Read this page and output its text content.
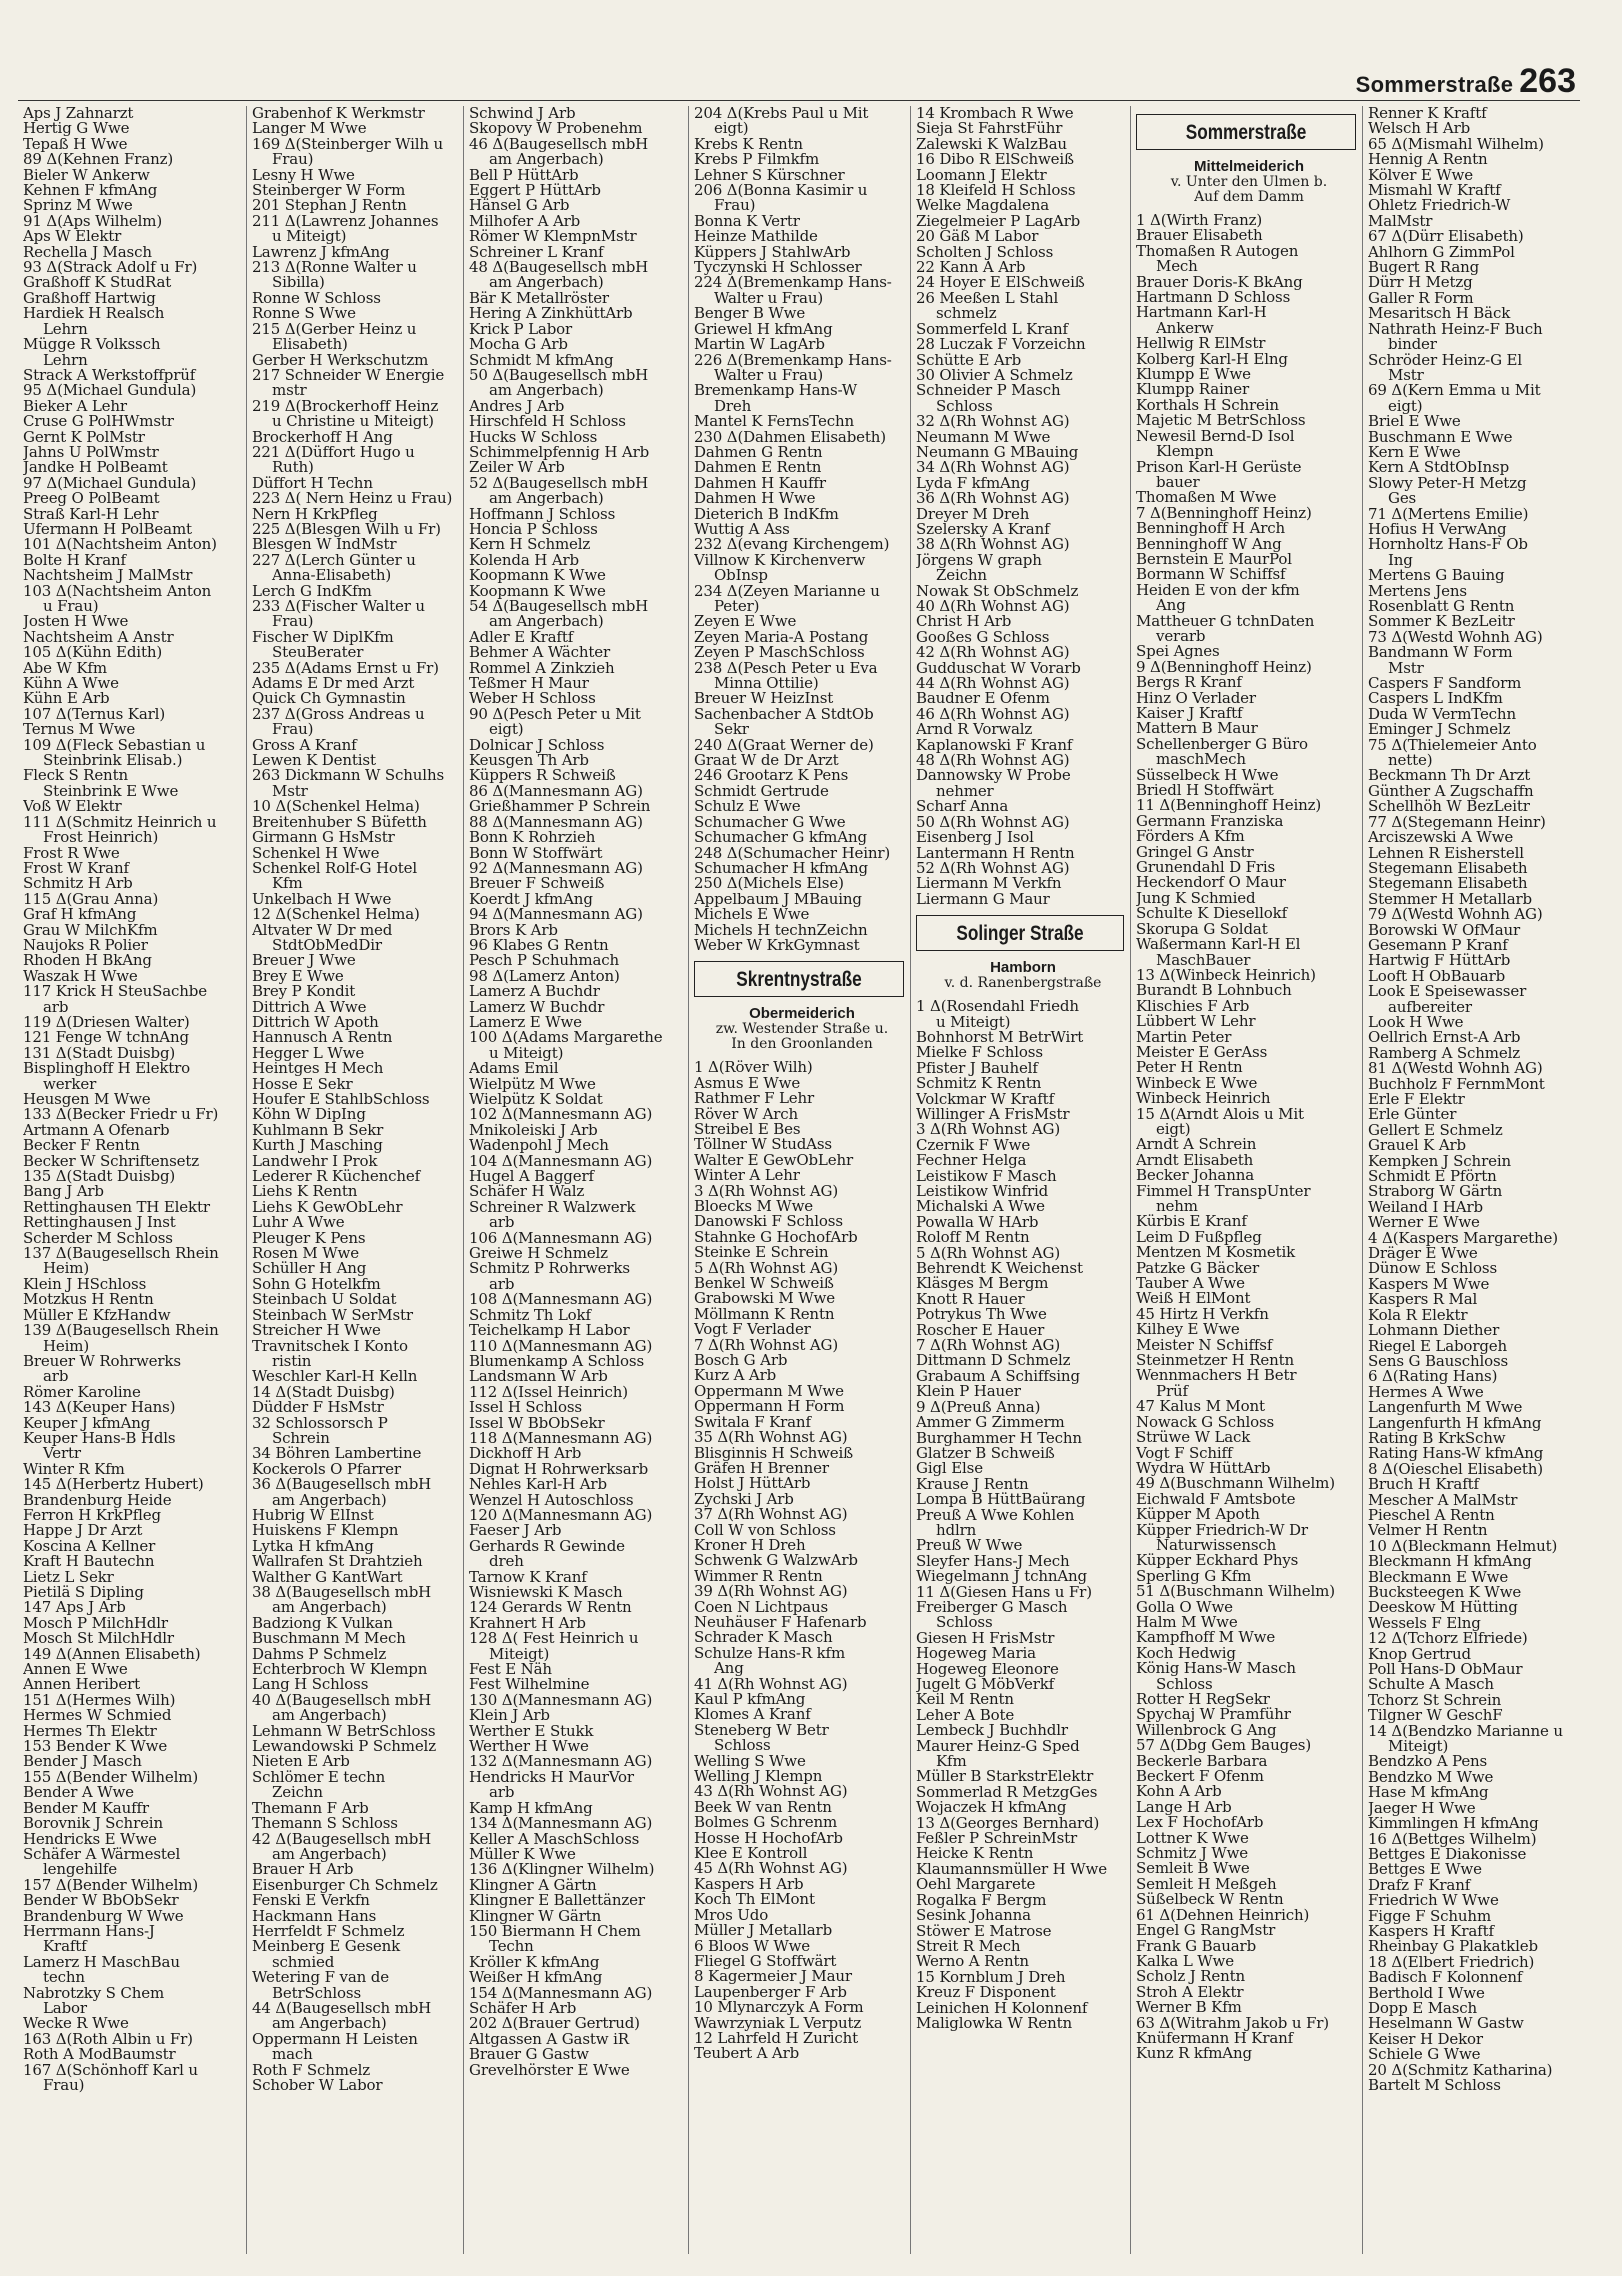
Sommerstraße 263
Aps J Zahnarzt
Hertig G Wwe
Tepaß H Wwe
89 Δ(Kehnen Franz)
Bieler W Ankerw
Kehnen F kfmAng
Sprinz M Wwe
91 Δ(Aps Wilhelm)
Aps W Elektr
Rechella J Masch
93 Δ(Strack Adolf u Fr)
Graßhoff K StudRat
Graßhoff Hartwig
Hardiek H Realsch
Lehrn
Mügge R Volkssch
Lehrn
Strack A Werkstoffprüf
95 Δ(Michael Gundula)
Bieker A Lehr
Cruse G PolHWmstr
Gernt K PolMstr
Jahns U PolWmstr
Jandke H PolBeamt
97 Δ(Michael Gundula)
Preeg O PolBeamt
Straß Karl-H Lehr
Ufermann H PolBeamt
101 Δ(Nachtsheim Anton)
Bolte H Kranf
Nachtsheim J MalMstr
103 Δ(Nachtsheim Anton
u Frau)
Josten H Wwe
Nachtsheim A Anstr
105 Δ(Kühn Edith)
Abe W Kfm
Kühn A Wwe
Kühn E Arb
107 Δ(Ternus Karl)
Ternus M Wwe
109 Δ(Fleck Sebastian u
Steinbrink Elisab.)
Fleck S Rentn
Steinbrink E Wwe
Voß W Elektr
111 Δ(Schmitz Heinrich u
Frost Heinrich)
Frost R Wwe
Frost W Kranf
Schmitz H Arb
115 Δ(Grau Anna)
Graf H kfmAng
Grau W MilchKfm
Naujoks R Polier
Rhoden H BkAng
Waszak H Wwe
117 Krick H SteuSachbe
arb
119 Δ(Driesen Walter)
121 Fenge W tchnAng
131 Δ(Stadt Duisbg)
Bisplinghoff H Elektro
werker
Heusgen M Wwe
133 Δ(Becker Friedr u Fr)
Artmann A Ofenarb
Becker F Rentn
Becker W Schriftensetz
135 Δ(Stadt Duisbg)
Bang J Arb
Rettinghausen TH Elektr
Rettinghausen J Inst
Scherder M Schloss
137 Δ(Baugesellsch Rhein
Heim)
Klein J HSchloss
Motzkus H Rentn
Müller E KfzHandw
139 Δ(Baugesellsch Rhein
Heim)
Breuer W Rohrwerks
arb
Römer Karoline
143 Δ(Keuper Hans)
Keuper J kfmAng
Keuper Hans-B Hdls
Vertr
Winter R Kfm
145 Δ(Herbertz Hubert)
Brandenburg Heide
Ferron H KrkPfleg
Happe J Dr Arzt
Koscina A Kellner
Kraft H Bautechn
Lietz L Sekr
Pietilä S Dipling
147 Aps J Arb
Mosch P MilchHdlr
Mosch St MilchHdlr
149 Δ(Annen Elisabeth)
Annen E Wwe
Annen Heribert
151 Δ(Hermes Wilh)
Hermes W Schmied
Hermes Th Elektr
153 Bender K Wwe
Bender J Masch
155 Δ(Bender Wilhelm)
Bender A Wwe
Bender M Kauffr
Borovnik J Schrein
Hendricks E Wwe
Schäfer A Wärmestel
lengehilfe
157 Δ(Bender Wilhelm)
Bender W BbObSekr
Brandenburg W Wwe
Herrmann Hans-J
Kraftf
Lamerz H MaschBau
techn
Nabrotzky S Chem
Labor
Wecke R Wwe
163 Δ(Roth Albin u Fr)
Roth A ModBaumstr
167 Δ(Schönhoff Karl u
Frau)
Grabenhof K Werkmstr
Langer M Wwe
169 Δ(Steinberger Wilh u
Frau)
Lesny H Wwe
Steinberger W Form
201 Stephan J Rentn
211 Δ(Lawrenz Johannes
u Miteigt)
Lawrenz J kfmAng
213 Δ(Ronne Walter u
Sibilla)
Ronne W Schloss
Ronne S Wwe
215 Δ(Gerber Heinz u
Elisabeth)
Gerber H Werkschutzm
217 Schneider W Energie
mstr
219 Δ(Brockerhoff Heinz
u Christine u Miteigt)
Brockerhoff H Ang
221 Δ(Düffort Hugo u
Ruth)
Düffort H Techn
223 Δ( Nern Heinz u Frau)
Nern H KrkPfleg
225 Δ(Blesgen Wilh u Fr)
Blesgen W IndMstr
227 Δ(Lerch Günter u
Anna-Elisabeth)
Lerch G IndKfm
233 Δ(Fischer Walter u
Frau)
Fischer W DiplKfm
SteuBerater
235 Δ(Adams Ernst u Fr)
Adams E Dr med Arzt
Quick Ch Gymnastin
237 Δ(Gross Andreas u
Frau)
Gross A Kranf
Lewen K Dentist
263 Dickmann W Schulhs
Mstr
10 Δ(Schenkel Helma)
Breitenhuber S Büfetth
Girmann G HsMstr
Schenkel H Wwe
Schenkel Rolf-G Hotel
Kfm
Unkelbach H Wwe
12 Δ(Schenkel Helma)
Altvater W Dr med
StdtObMedDir
Breuer J Wwe
Brey E Wwe
Brey P Kondit
Dittrich A Wwe
Dittrich W Apoth
Hannusch A Rentn
Hegger L Wwe
Heintges H Mech
Hosse E Sekr
Houfer E StahlbSchloss
Köhn W DipIng
Kuhlmann B Sekr
Kurth J Masching
Landwehr I Prok
Lederer R Küchenchef
Liehs K Rentn
Liehs K GewObLehr
Luhr A Wwe
Pleuger K Pens
Rosen M Wwe
Schüller H Ang
Sohn G Hotelkfm
Steinbach U Soldat
Steinbach W SerMstr
Streicher H Wwe
Travnitschek I Konto
ristin
Weschler Karl-H Kelln
14 Δ(Stadt Duisbg)
Düdder F HsMstr
32 Schlossorsch P
Schrein
34 Böhren Lambertine
Kockerols O Pfarrer
36 Δ(Baugesellsch mbH
am Angerbach)
Hubrig W ElInst
Huiskens F Klempn
Lytka H kfmAng
Wallrafen St Drahtzieh
Walther G KantWart
38 Δ(Baugesellsch mbH
am Angerbach)
Badziong K Vulkan
Buschmann M Mech
Dahms P Schmelz
Echterbroch W Klempn
Lang H Schloss
40 Δ(Baugesellsch mbH
am Angerbach)
Lehmann W BetrSchloss
Lewandowski P Schmelz
Nieten E Arb
Schlömer E techn
Zeichn
Themann F Arb
Themann S Schloss
42 Δ(Baugesellsch mbH
am Angerbach)
Brauer H Arb
Eisenburger Ch Schmelz
Fenski E Verkfn
Hackmann Hans
Herrfeldt F Schmelz
Meinberg E Gesenk
schmied
Wetering F van de
BetrSchloss
44 Δ(Baugesellsch mbH
am Angerbach)
Oppermann H Leisten
mach
Roth F Schmelz
Schober W Labor
Schwind J Arb
Skopovy W Probenehm
46 Δ(Baugesellsch mbH
am Angerbach)
Bell P HüttArb
Eggert P HüttArb
Hänsel G Arb
Milhofer A Arb
Römer W KlempnMstr
Schreiner L Kranf
48 Δ(Baugesellsch mbH
am Angerbach)
Bär K Metallröster
Hering A ZinkhüttArb
Krick P Labor
Mocha G Arb
Schmidt M kfmAng
50 Δ(Baugesellsch mbH
am Angerbach)
Andres J Arb
Hirschfeld H Schloss
Hucks W Schloss
Schimmelpfennig H Arb
Zeiler W Arb
52 Δ(Baugesellsch mbH
am Angerbach)
Hoffmann J Schloss
Honcia P Schloss
Kern H Schmelz
Kolenda H Arb
Koopmann K Wwe
Koopmann K Wwe
54 Δ(Baugesellsch mbH
am Angerbach)
Adler E Kraftf
Behmer A Wächter
Rommel A Zinkzieh
Teßmer H Maur
Weber H Schloss
90 Δ(Pesch Peter u Mit
eigt)
Dolnicar J Schloss
Keusgen Th Arb
Küppers R Schweiß
86 Δ(Mannesmann AG)
Grießhammer P Schrein
88 Δ(Mannesmann AG)
Bonn K Rohrzieh
Bonn W Stoffwärt
92 Δ(Mannesmann AG)
Breuer F Schweiß
Koerdt J kfmAng
94 Δ(Mannesmann AG)
Brors K Arb
96 Klabes G Rentn
Pesch P Schuhmach
98 Δ(Lamerz Anton)
Lamerz A Buchdr
Lamerz W Buchdr
Lamerz E Wwe
100 Δ(Adams Margarethe
u Miteigt)
Adams Emil
Wielpütz M Wwe
Wielpütz K Soldat
102 Δ(Mannesmann AG)
Mnikoleiski J Arb
Wadenpohl J Mech
104 Δ(Mannesmann AG)
Hugel A Baggerf
Schäfer H Walz
Schreiner R Walzwerk
arb
106 Δ(Mannesmann AG)
Greiwe H Schmelz
Schmitz P Rohrwerks
arb
108 Δ(Mannesmann AG)
Schmitz Th Lokf
Teichelkamp H Labor
110 Δ(Mannesmann AG)
Blumenkamp A Schloss
Landsmann W Arb
112 Δ(Issel Heinrich)
Issel H Schloss
Issel W BbObSekr
118 Δ(Mannesmann AG)
Dickhoff H Arb
Dignat H Rohrwerksarb
Nehles Karl-H Arb
Wenzel H Autoschloss
120 Δ(Mannesmann AG)
Faeser J Arb
Gerhards R Gewinde
dreh
Tarnow K Kranf
Wisniewski K Masch
124 Gerards W Rentn
Krahnert H Arb
128 Δ( Fest Heinrich u
Miteigt)
Fest E Näh
Fest Wilhelmine
130 Δ(Mannesmann AG)
Klein J Arb
Werther E Stukk
Werther H Wwe
132 Δ(Mannesmann AG)
Hendricks H MaurVor
arb
Kamp H kfmAng
134 Δ(Mannesmann AG)
Keller A MaschSchloss
Müller K Wwe
136 Δ(Klingner Wilhelm)
Klingner A Gärtn
Klingner E Ballettänzer
Klingner W Gärtn
150 Biermann H Chem
Techn
Kröller K kfmAng
Weißer H kfmAng
154 Δ(Mannesmann AG)
Schäfer H Arb
202 Δ(Brauer Gertrud)
Altgassen A Gastw iR
Brauer G Gastw
Grevelhörster E Wwe
204 Δ(Krebs Paul u Mit
eigt)
Krebs K Rentn
Krebs P Filmkfm
Lehner S Kürschner
206 Δ(Bonna Kasimir u
Frau)
Bonna K Vertr
Heinze Mathilde
Küppers J StahlwArb
Tyczynski H Schlosser
224 Δ(Bremenkamp Hans-
Walter u Frau)
Benger B Wwe
Griewel H kfmAng
Martin W LagArb
226 Δ(Bremenkamp Hans-
Walter u Frau)
Bremenkamp Hans-W
Dreh
Mantel K FernsTechn
230 Δ(Dahmen Elisabeth)
Dahmen G Rentn
Dahmen E Rentn
Dahmen H Kauffr
Dahmen H Wwe
Dieterich B IndKfm
Wuttig A Ass
232 Δ(evang Kirchengem)
Villnow K Kirchenverw
ObInsp
234 Δ(Zeyen Marianne u
Peter)
Zeyen E Wwe
Zeyen Maria-A Postang
Zeyen P MaschSchloss
238 Δ(Pesch Peter u Eva
Minna Ottilie)
Breuer W HeizInst
Sachenbacher A StdtOb
Sekr
240 Δ(Graat Werner de)
Graat W de Dr Arzt
246 Grootarz K Pens
Schmidt Gertrude
Schulz E Wwe
Schumacher G Wwe
Schumacher G kfmAng
248 Δ(Schumacher Heinr)
Schumacher H kfmAng
250 Δ(Michels Else)
Appelbaum J MBauing
Michels E Wwe
Michels H technZeichn
Weber W KrkGymnast
Skrentnystraße
Obermeiderich
zw. Westender Straße u.
In den Groonlanden
1 Δ(Röver Wilh)
Asmus E Wwe
Rathmer F Lehr
Röver W Arch
Streibel E Bes
Töllner W StudAss
Walter E GewObLehr
Winter A Lehr
3 Δ(Rh Wohnst AG)
Bloecks M Wwe
Danowski F Schloss
Stahnke G HochofArb
Steinke E Schrein
5 Δ(Rh Wohnst AG)
Benkel W Schweiß
Grabowski M Wwe
Möllmann K Rentn
Vogt F Verlader
7 Δ(Rh Wohnst AG)
Bosch G Arb
Kurz A Arb
Oppermann M Wwe
Oppermann H Form
Switala F Kranf
35 Δ(Rh Wohnst AG)
Blisginnis H Schweiß
Gräfen H Brenner
Holst J HüttArb
Zychski J Arb
37 Δ(Rh Wohnst AG)
Coll W von Schloss
Kroner H Dreh
Schwenk G WalzwArb
Wimmer R Rentn
39 Δ(Rh Wohnst AG)
Coen N Lichtpaus
Neuhäuser F Hafenarb
Schrader K Masch
Schulze Hans-R kfm
Ang
41 Δ(Rh Wohnst AG)
Kaul P kfmAng
Klomes A Kranf
Steneberg W Betr
Schloss
Welling S Wwe
Welling J Klempn
43 Δ(Rh Wohnst AG)
Beek W van Rentn
Bolmes G Schrenm
Hosse H HochofArb
Klee E Kontroll
45 Δ(Rh Wohnst AG)
Kaspers H Arb
Koch Th ElMont
Mros Udo
Müller J Metallarb
6 Bloos W Wwe
Fliegel G Stoffwärt
8 Kagermeier J Maur
Laupenberger F Arb
10 Mlynarczyk A Form
Wawrzyniak L Verputz
12 Lahrfeld H Zuricht
Teubert A Arb
14 Krombach R Wwe
Sieja St FahrstFühr
Zalewski K WalzBau
16 Dibo R ElSchweiß
Loomann J Elektr
18 Kleifeld H Schloss
Welke Magdalena
Ziegelmeier P LagArb
20 Gäß M Labor
Scholten J Schloss
22 Kann A Arb
24 Hoyer E ElSchweiß
26 Meeßen L Stahl
schmelz
Sommerfeld L Kranf
28 Luczak F Vorzeichn
Schütte E Arb
30 Olivier A Schmelz
Schneider P Masch
Schloss
32 Δ(Rh Wohnst AG)
Neumann M Wwe
Neumann G MBauing
34 Δ(Rh Wohnst AG)
Lyda F kfmAng
36 Δ(Rh Wohnst AG)
Dreyer M Dreh
Szelersky A Kranf
38 Δ(Rh Wohnst AG)
Jörgens W graph
Zeichn
Nowak St ObSchmelz
40 Δ(Rh Wohnst AG)
Christ H Arb
Gooßes G Schloss
42 Δ(Rh Wohnst AG)
Gudduschat W Vorarb
44 Δ(Rh Wohnst AG)
Baudner E Ofenm
46 Δ(Rh Wohnst AG)
Arnd R Vorwalz
Kaplanowski F Kranf
48 Δ(Rh Wohnst AG)
Dannowsky W Probe
nehmer
Scharf Anna
50 Δ(Rh Wohnst AG)
Eisenberg J Isol
Lantermann H Rentn
52 Δ(Rh Wohnst AG)
Liermann M Verkfn
Liermann G Maur
Solinger Straße
Hamborn
v. d. Ranenbergstraße
1 Δ(Rosendahl Friedh
u Miteigt)
Bohnhorst M BetrWirt
Mielke F Schloss
Pfister J Bauhelf
Schmitz K Rentn
Volckmar W Kraftf
Willinger A FrisMstr
3 Δ(Rh Wohnst AG)
Czernik F Wwe
Fechner Helga
Leistikow F Masch
Leistikow Winfrid
Michalski A Wwe
Powalla W HArb
Roloff M Rentn
5 Δ(Rh Wohnst AG)
Behrendt K Weichenst
Kläsges M Bergm
Knott R Hauer
Potrykus Th Wwe
Roscher E Hauer
7 Δ(Rh Wohnst AG)
Dittmann D Schmelz
Grabaum A Schiffsing
Klein P Hauer
9 Δ(Preuß Anna)
Ammer G Zimmerm
Burghammer H Techn
Glatzer B Schweiß
Gigl Else
Krause J Rentn
Lompa B HüttBaürang
Preuß A Wwe Kohlen
hdlrn
Preuß W Wwe
Sleyfer Hans-J Mech
Wiegelmann J tchnAng
11 Δ(Giesen Hans u Fr)
Freiberger G Masch
Schloss
Giesen H FrisMstr
Hogeweg Maria
Hogeweg Eleonore
Jugelt G MöbVerkf
Keil M Rentn
Leher A Bote
Lembeck J Buchhdlr
Maurer Heinz-G Sped
Kfm
Müller B StarkstrElektr
Sommerlad R MetzgGes
Wojaczek H kfmAng
13 Δ(Georges Bernhard)
Feßler P SchreinMstr
Heicke K Rentn
Klaumannsmüller H Wwe
Oehl Margarete
Rogalka F Bergm
Sesink Johanna
Stöwer E Matrose
Streit R Mech
Werno A Rentn
15 Kornblum J Dreh
Kreuz F Disponent
Leinichen H Kolonnenf
Maliglowka W Rentn
Sommerstraße
Mittelmeiderich
v. Unter den Ulmen b.
Auf dem Damm
1 Δ(Wirth Franz)
Brauer Elisabeth
Thomaßen R Autogen
Mech
Brauer Doris-K BkAng
Hartmann D Schloss
Hartmann Karl-H
Ankerw
Hellwig R ElMstr
Kolberg Karl-H Elng
Klumpp E Wwe
Klumpp Rainer
Korthals H Schrein
Majetic M BetrSchloss
Newesil Bernd-D Isol
Klempn
Prison Karl-H Gerüste
bauer
Thomaßen M Wwe
7 Δ(Benninghoff Heinz)
Benninghoff H Arch
Benninghoff W Ang
Bernstein E MaurPol
Bormann W Schiffsf
Heiden E von der kfm
Ang
Mattheuer G tchnDaten
verarb
Spei Agnes
9 Δ(Benninghoff Heinz)
Bergs R Kranf
Hinz O Verlader
Kaiser J Kraftf
Mattern B Maur
Schellenberger G Büro
maschMech
Süsselbeck H Wwe
Briedl H Stoffwärt
11 Δ(Benninghoff Heinz)
Germann Franziska
Förders A Kfm
Gringel G Anstr
Grunendahl D Fris
Heckendorf O Maur
Jung K Schmied
Schulte K Diesellokf
Skorupa G Soldat
Waßermann Karl-H El
MaschBauer
13 Δ(Winbeck Heinrich)
Burandt B Lohnbuch
Klischies F Arb
Lübbert W Lehr
Martin Peter
Meister E GerAss
Peter H Rentn
Winbeck E Wwe
Winbeck Heinrich
15 Δ(Arndt Alois u Mit
eigt)
Arndt A Schrein
Arndt Elisabeth
Becker Johanna
Fimmel H TranspUnter
nehm
Kürbis E Kranf
Leim D Fußpfleg
Mentzen M Kosmetik
Patzke G Bäcker
Tauber A Wwe
Weiß H ElMont
45 Hirtz H Verkfn
Kilhey E Wwe
Meister N Schiffsf
Steinmetzer H Rentn
Wennmachers H Betr
Prüf
47 Kalus M Mont
Nowack G Schloss
Strüwe W Lack
Vogt F Schiff
Wydra W HüttArb
49 Δ(Buschmann Wilhelm)
Eichwald F Amtsbote
Küpper M Apoth
Küpper Friedrich-W Dr
Naturwissensch
Küpper Eckhard Phys
Sperling G Kfm
51 Δ(Buschmann Wilhelm)
Golla O Wwe
Halm M Wwe
Kampfhoff M Wwe
Koch Hedwig
König Hans-W Masch
Schloss
Rotter H RegSekr
Spychaj W Pramführ
Willenbrock G Ang
57 Δ(Dbg Gem Bauges)
Beckerle Barbara
Beckert F Ofenm
Kohn A Arb
Lange H Arb
Lex F HochofArb
Lottner K Wwe
Schmitz J Wwe
Semleit B Wwe
Semleit H Meßgeh
Süßelbeck W Rentn
61 Δ(Dehnen Heinrich)
Engel G RangMstr
Frank G Bauarb
Kalka L Wwe
Scholz J Rentn
Stroh A Elektr
Werner B Kfm
63 Δ(Witrahm Jakob u Fr)
Knüfermann H Kranf
Kunz R kfmAng
Renner K Kraftf
Welsch H Arb
65 Δ(Mismahl Wilhelm)
Hennig A Rentn
Kölver E Wwe
Mismahl W Kraftf
Ohletz Friedrich-W
MalMstr
67 Δ(Dürr Elisabeth)
Ahlhorn G ZimmPol
Bugert R Rang
Dürr H Metzg
Galler R Form
Mesaritsch H Bäck
Nathrath Heinz-F Buch
binder
Schröder Heinz-G El
Mstr
69 Δ(Kern Emma u Mit
eigt)
Briel E Wwe
Buschmann E Wwe
Kern E Wwe
Kern A StdtObInsp
Slowy Peter-H Metzg
Ges
71 Δ(Mertens Emilie)
Hofius H VerwAng
Hornholtz Hans-F Ob
Ing
Mertens G Bauing
Mertens Jens
Rosenblatt G Rentn
Sommer K BezLeitr
73 Δ(Westd Wohnh AG)
Bandmann W Form
Mstr
Caspers F Sandform
Caspers L IndKfm
Duda W VermTechn
Eminger J Schmelz
75 Δ(Thielemeier Anto
nette)
Beckmann Th Dr Arzt
Günther A Zugschaffn
Schellhöh W BezLeitr
77 Δ(Stegemann Heinr)
Arciszewski A Wwe
Lehnen R Eisherstell
Stegemann Elisabeth
Stegemann Elisabeth
Stemmer H Metallarb
79 Δ(Westd Wohnh AG)
Borowski W OfMaur
Gesemann P Kranf
Hartwig F HüttArb
Looft H ObBauarb
Look E Speisewasser
aufbereiter
Look H Wwe
Oellrich Ernst-A Arb
Ramberg A Schmelz
81 Δ(Westd Wohnh AG)
Buchholz F FernmMont
Erle F Elektr
Erle Günter
Gellert E Schmelz
Grauel K Arb
Kempken J Schrein
Schmidt E Pförtn
Straborg W Gärtn
Weiland I HArb
Werner E Wwe
4 Δ(Kaspers Margarethe)
Dräger E Wwe
Dünow E Schloss
Kaspers M Wwe
Kaspers R Mal
Kola R Elektr
Lohmann Diether
Riegel E Laborgeh
Sens G Bauschloss
6 Δ(Rating Hans)
Hermes A Wwe
Langenfurth M Wwe
Langenfurth H kfmAng
Rating B KrkSchw
Rating Hans-W kfmAng
8 Δ(Oieschel Elisabeth)
Bruch H Kraftf
Mescher A MalMstr
Pieschel A Rentn
Velmer H Rentn
10 Δ(Bleckmann Helmut)
Bleckmann H kfmAng
Bleckmann E Wwe
Bucksteegen K Wwe
Deeskow M Hütting
Wessels F Elng
12 Δ(Tchorz Elfriede)
Knop Gertrud
Poll Hans-D ObMaur
Schulte A Masch
Tchorz St Schrein
Tilgner W GeschF
14 Δ(Bendzko Marianne u
Miteigt)
Bendzko A Pens
Bendzko M Wwe
Hase M kfmAng
Jaeger H Wwe
Kimmlingen H kfmAng
16 Δ(Bettges Wilhelm)
Bettges E Diakonisse
Bettges E Wwe
Drafz F Kranf
Friedrich W Wwe
Figge F Schuhm
Kaspers H Kraftf
Rheinbay G Plakatkleb
18 Δ(Elbert Friedrich)
Badisch F Kolonnenf
Berthold I Wwe
Dopp E Masch
Heselmann W Gastw
Keiser H Dekor
Schiele G Wwe
20 Δ(Schmitz Katharina)
Bartelt M Schloss
